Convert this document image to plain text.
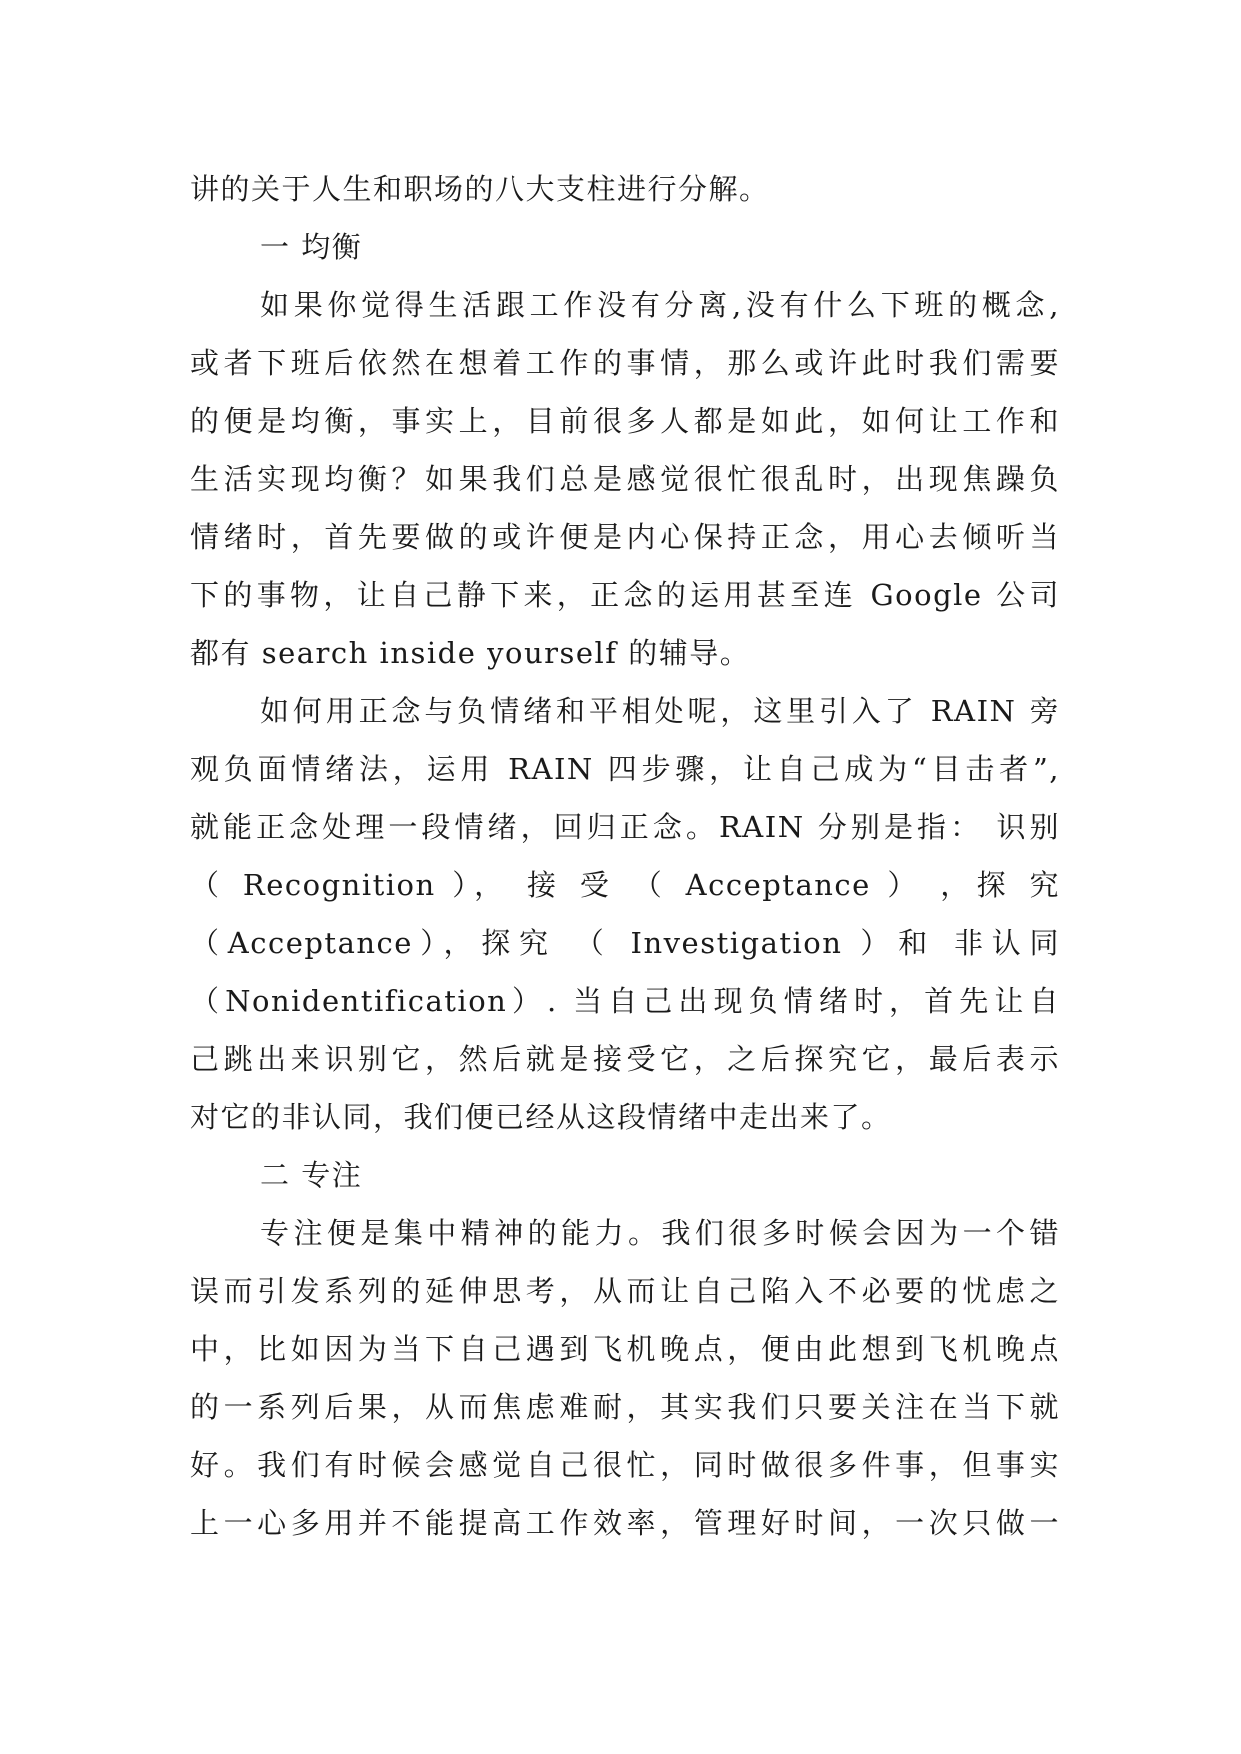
讲的关于人生和职场的八大支柱进行分解。
一 均衡
如果你觉得生活跟工作没有分离,没有什么下班的概念,
或者下班后依然在想着工作的事情，那么或许此时我们需要
的便是均衡，事实上，目前很多人都是如此，如何让工作和
生活实现均衡？如果我们总是感觉很忙很乱时，出现焦躁负
情绪时，首先要做的或许便是内心保持正念，用心去倾听当
下的事物，让自己静下来，正念的运用甚至连 Google 公司
都有 search inside yourself 的辅导。
如何用正念与负情绪和平相处呢，这里引入了 RAIN 旁
观负面情绪法，运用 RAIN 四步骤，让自己成为“目击者”,
就能正念处理一段情绪，回归正念。RAIN 分别是指： 识别
（ Recognition ）， 接 受 （ Acceptance ） ，探 究
（Acceptance），探究 （ Investigation ）和 非认同
（Nonidentification）. 当自己出现负情绪时，首先让自
己跳出来识别它，然后就是接受它，之后探究它，最后表示
对它的非认同，我们便已经从这段情绪中走出来了。
二 专注
专注便是集中精神的能力。我们很多时候会因为一个错
误而引发系列的延伸思考，从而让自己陷入不必要的忧虑之
中，比如因为当下自己遇到飞机晚点，便由此想到飞机晚点
的一系列后果，从而焦虑难耐，其实我们只要关注在当下就
好。我们有时候会感觉自己很忙，同时做很多件事，但事实
上一心多用并不能提高工作效率，管理好时间，一次只做一
